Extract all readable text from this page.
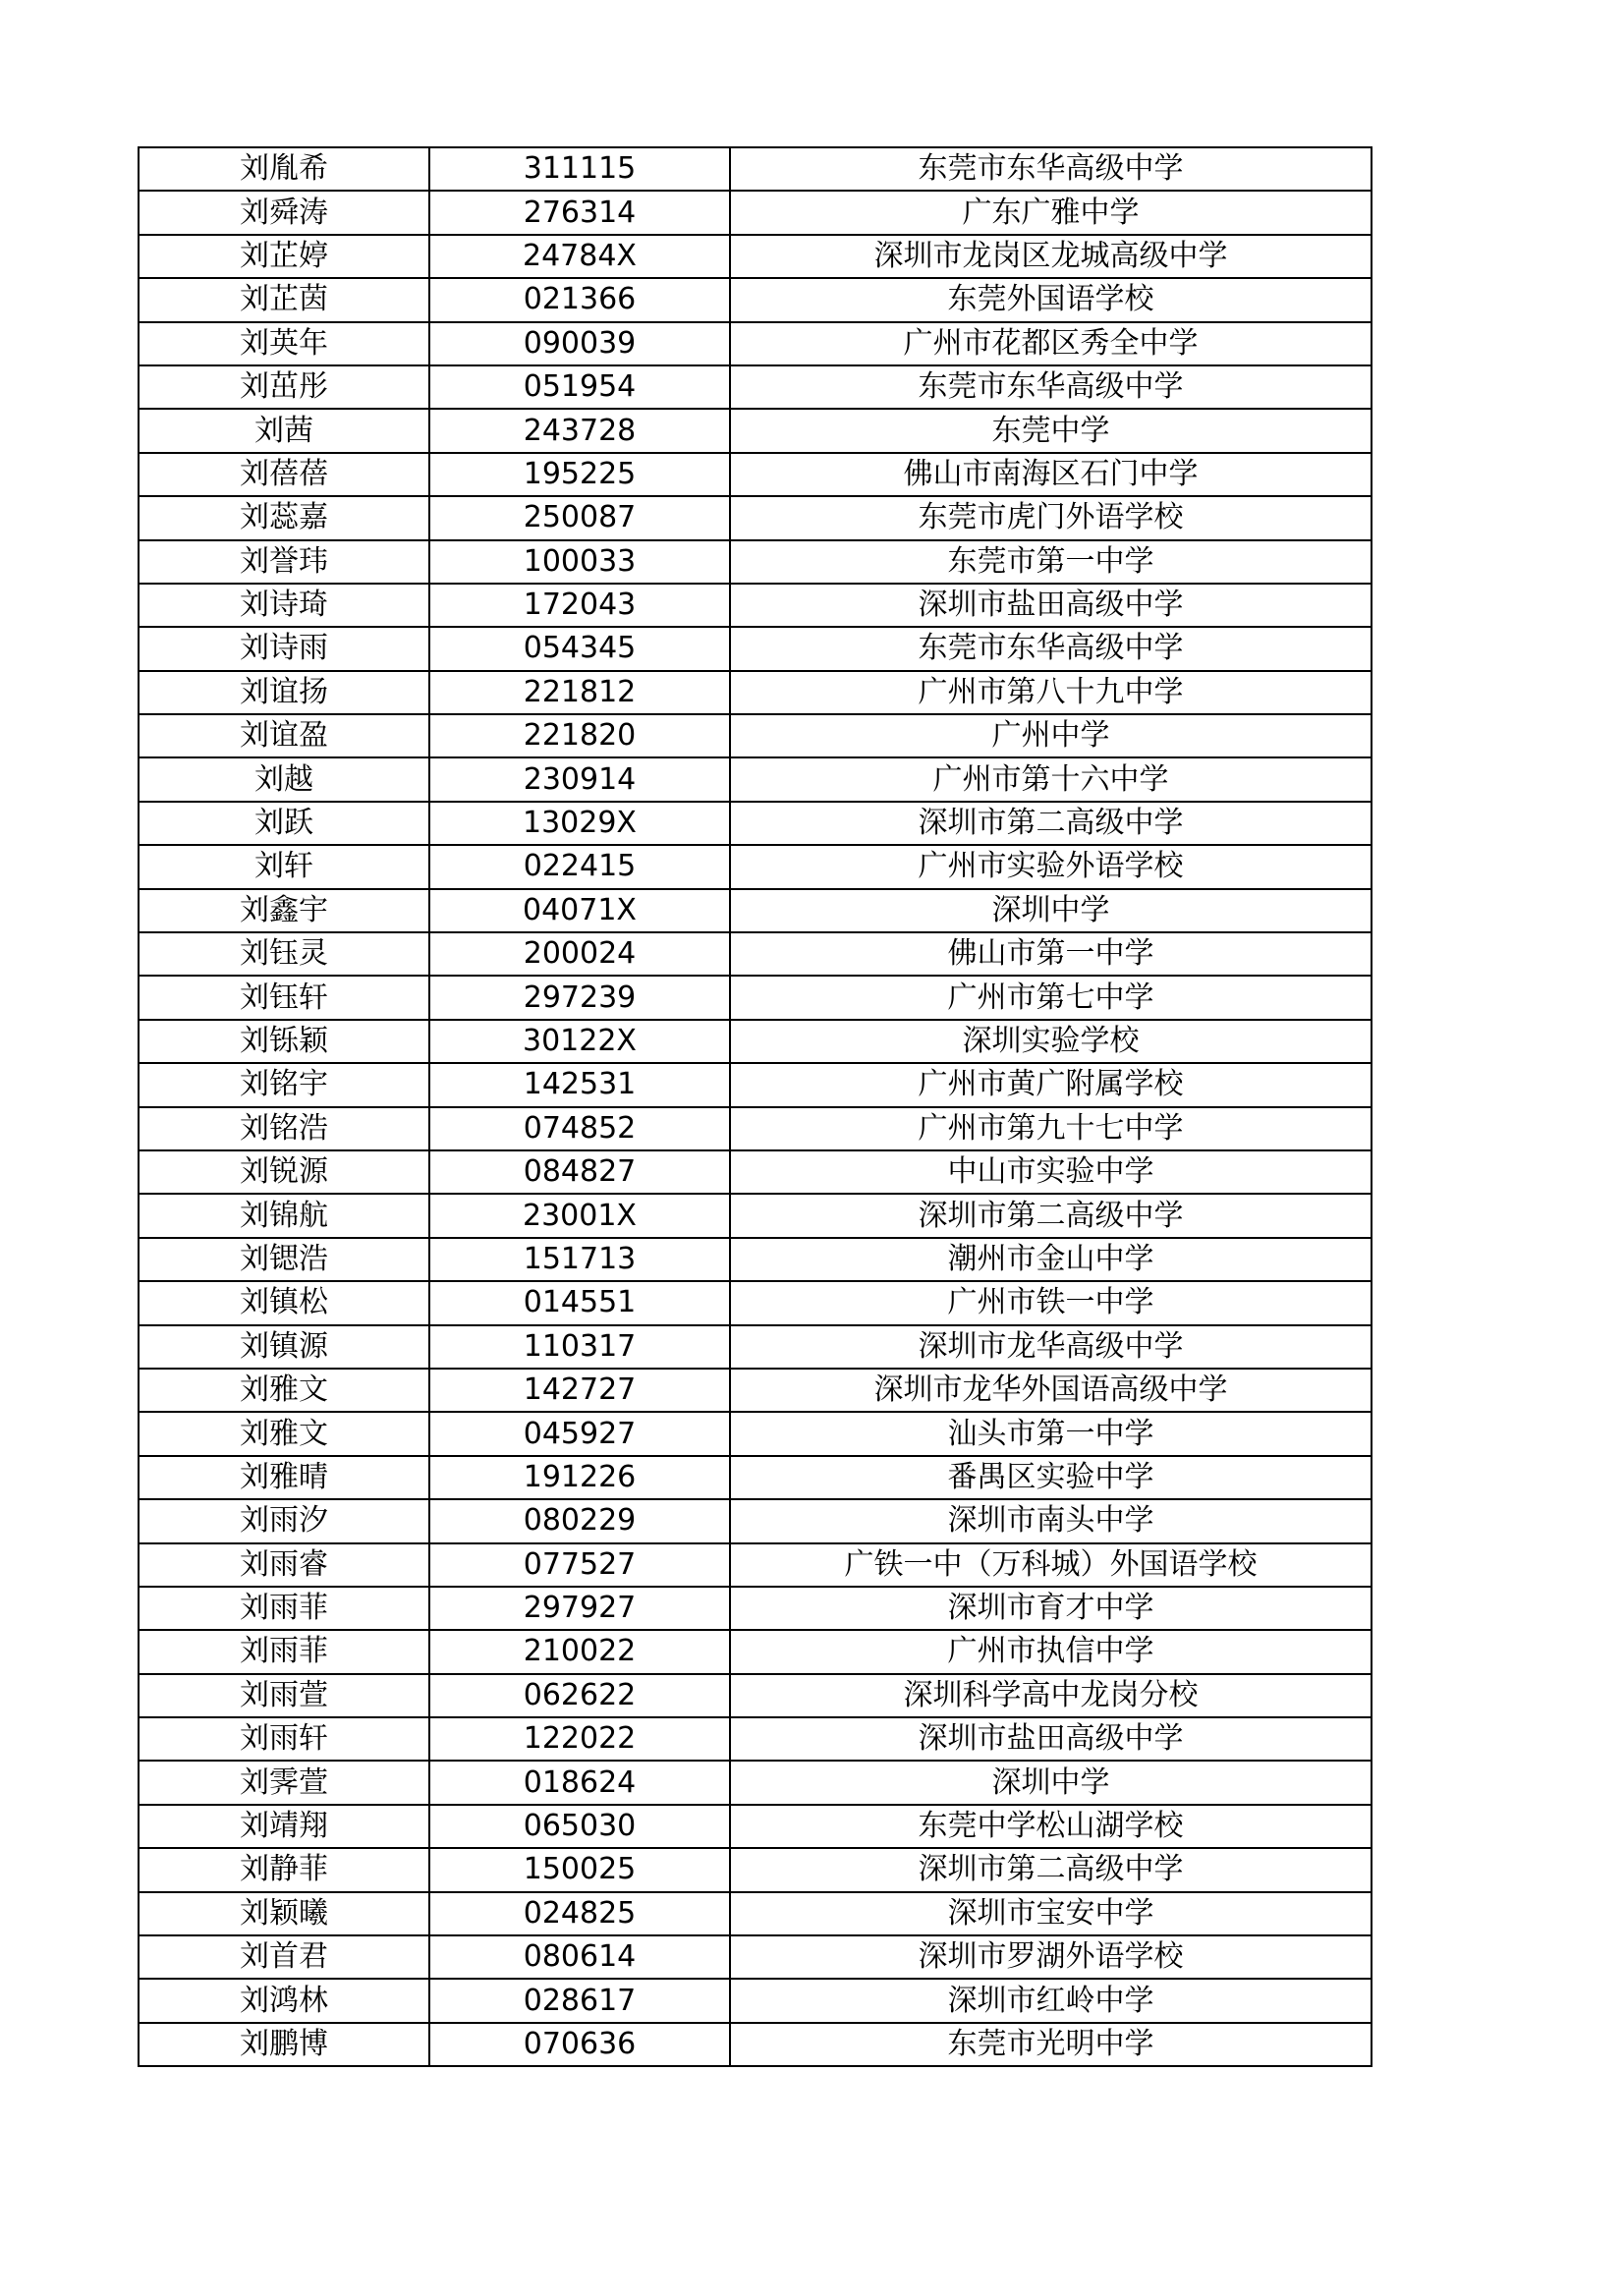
刘胤希	311115	东莞市东华高级中学
刘舜涛	276314	广东广雅中学
刘芷婷	24784X	深圳市龙岗区龙城高级中学
刘芷茵	021366	东莞外国语学校
刘英年	090039	广州市花都区秀全中学
刘茁彤	051954	东莞市东华高级中学
刘茜	243728	东莞中学
刘蓓蓓	195225	佛山市南海区石门中学
刘蕊嘉	250087	东莞市虎门外语学校
刘誉玮	100033	东莞市第一中学
刘诗琦	172043	深圳市盐田高级中学
刘诗雨	054345	东莞市东华高级中学
刘谊扬	221812	广州市第八十九中学
刘谊盈	221820	广州中学
刘越	230914	广州市第十六中学
刘跃	13029X	深圳市第二高级中学
刘轩	022415	广州市实验外语学校
刘鑫宇	04071X	深圳中学
刘钰灵	200024	佛山市第一中学
刘钰轩	297239	广州市第七中学
刘铄颖	30122X	深圳实验学校
刘铭宇	142531	广州市黄广附属学校
刘铭浩	074852	广州市第九十七中学
刘锐源	084827	中山市实验中学
刘锦航	23001X	深圳市第二高级中学
刘锶浩	151713	潮州市金山中学
刘镇松	014551	广州市铁一中学
刘镇源	110317	深圳市龙华高级中学
刘雅文	142727	深圳市龙华外国语高级中学
刘雅文	045927	汕头市第一中学
刘雅晴	191226	番禺区实验中学
刘雨汐	080229	深圳市南头中学
刘雨睿	077527	广铁一中（万科城）外国语学校
刘雨菲	297927	深圳市育才中学
刘雨菲	210022	广州市执信中学
刘雨萱	062622	深圳科学高中龙岗分校
刘雨轩	122022	深圳市盐田高级中学
刘霁萱	018624	深圳中学
刘靖翔	065030	东莞中学松山湖学校
刘静菲	150025	深圳市第二高级中学
刘颖曦	024825	深圳市宝安中学
刘首君	080614	深圳市罗湖外语学校
刘鸿林	028617	深圳市红岭中学
刘鹏博	070636	东莞市光明中学
